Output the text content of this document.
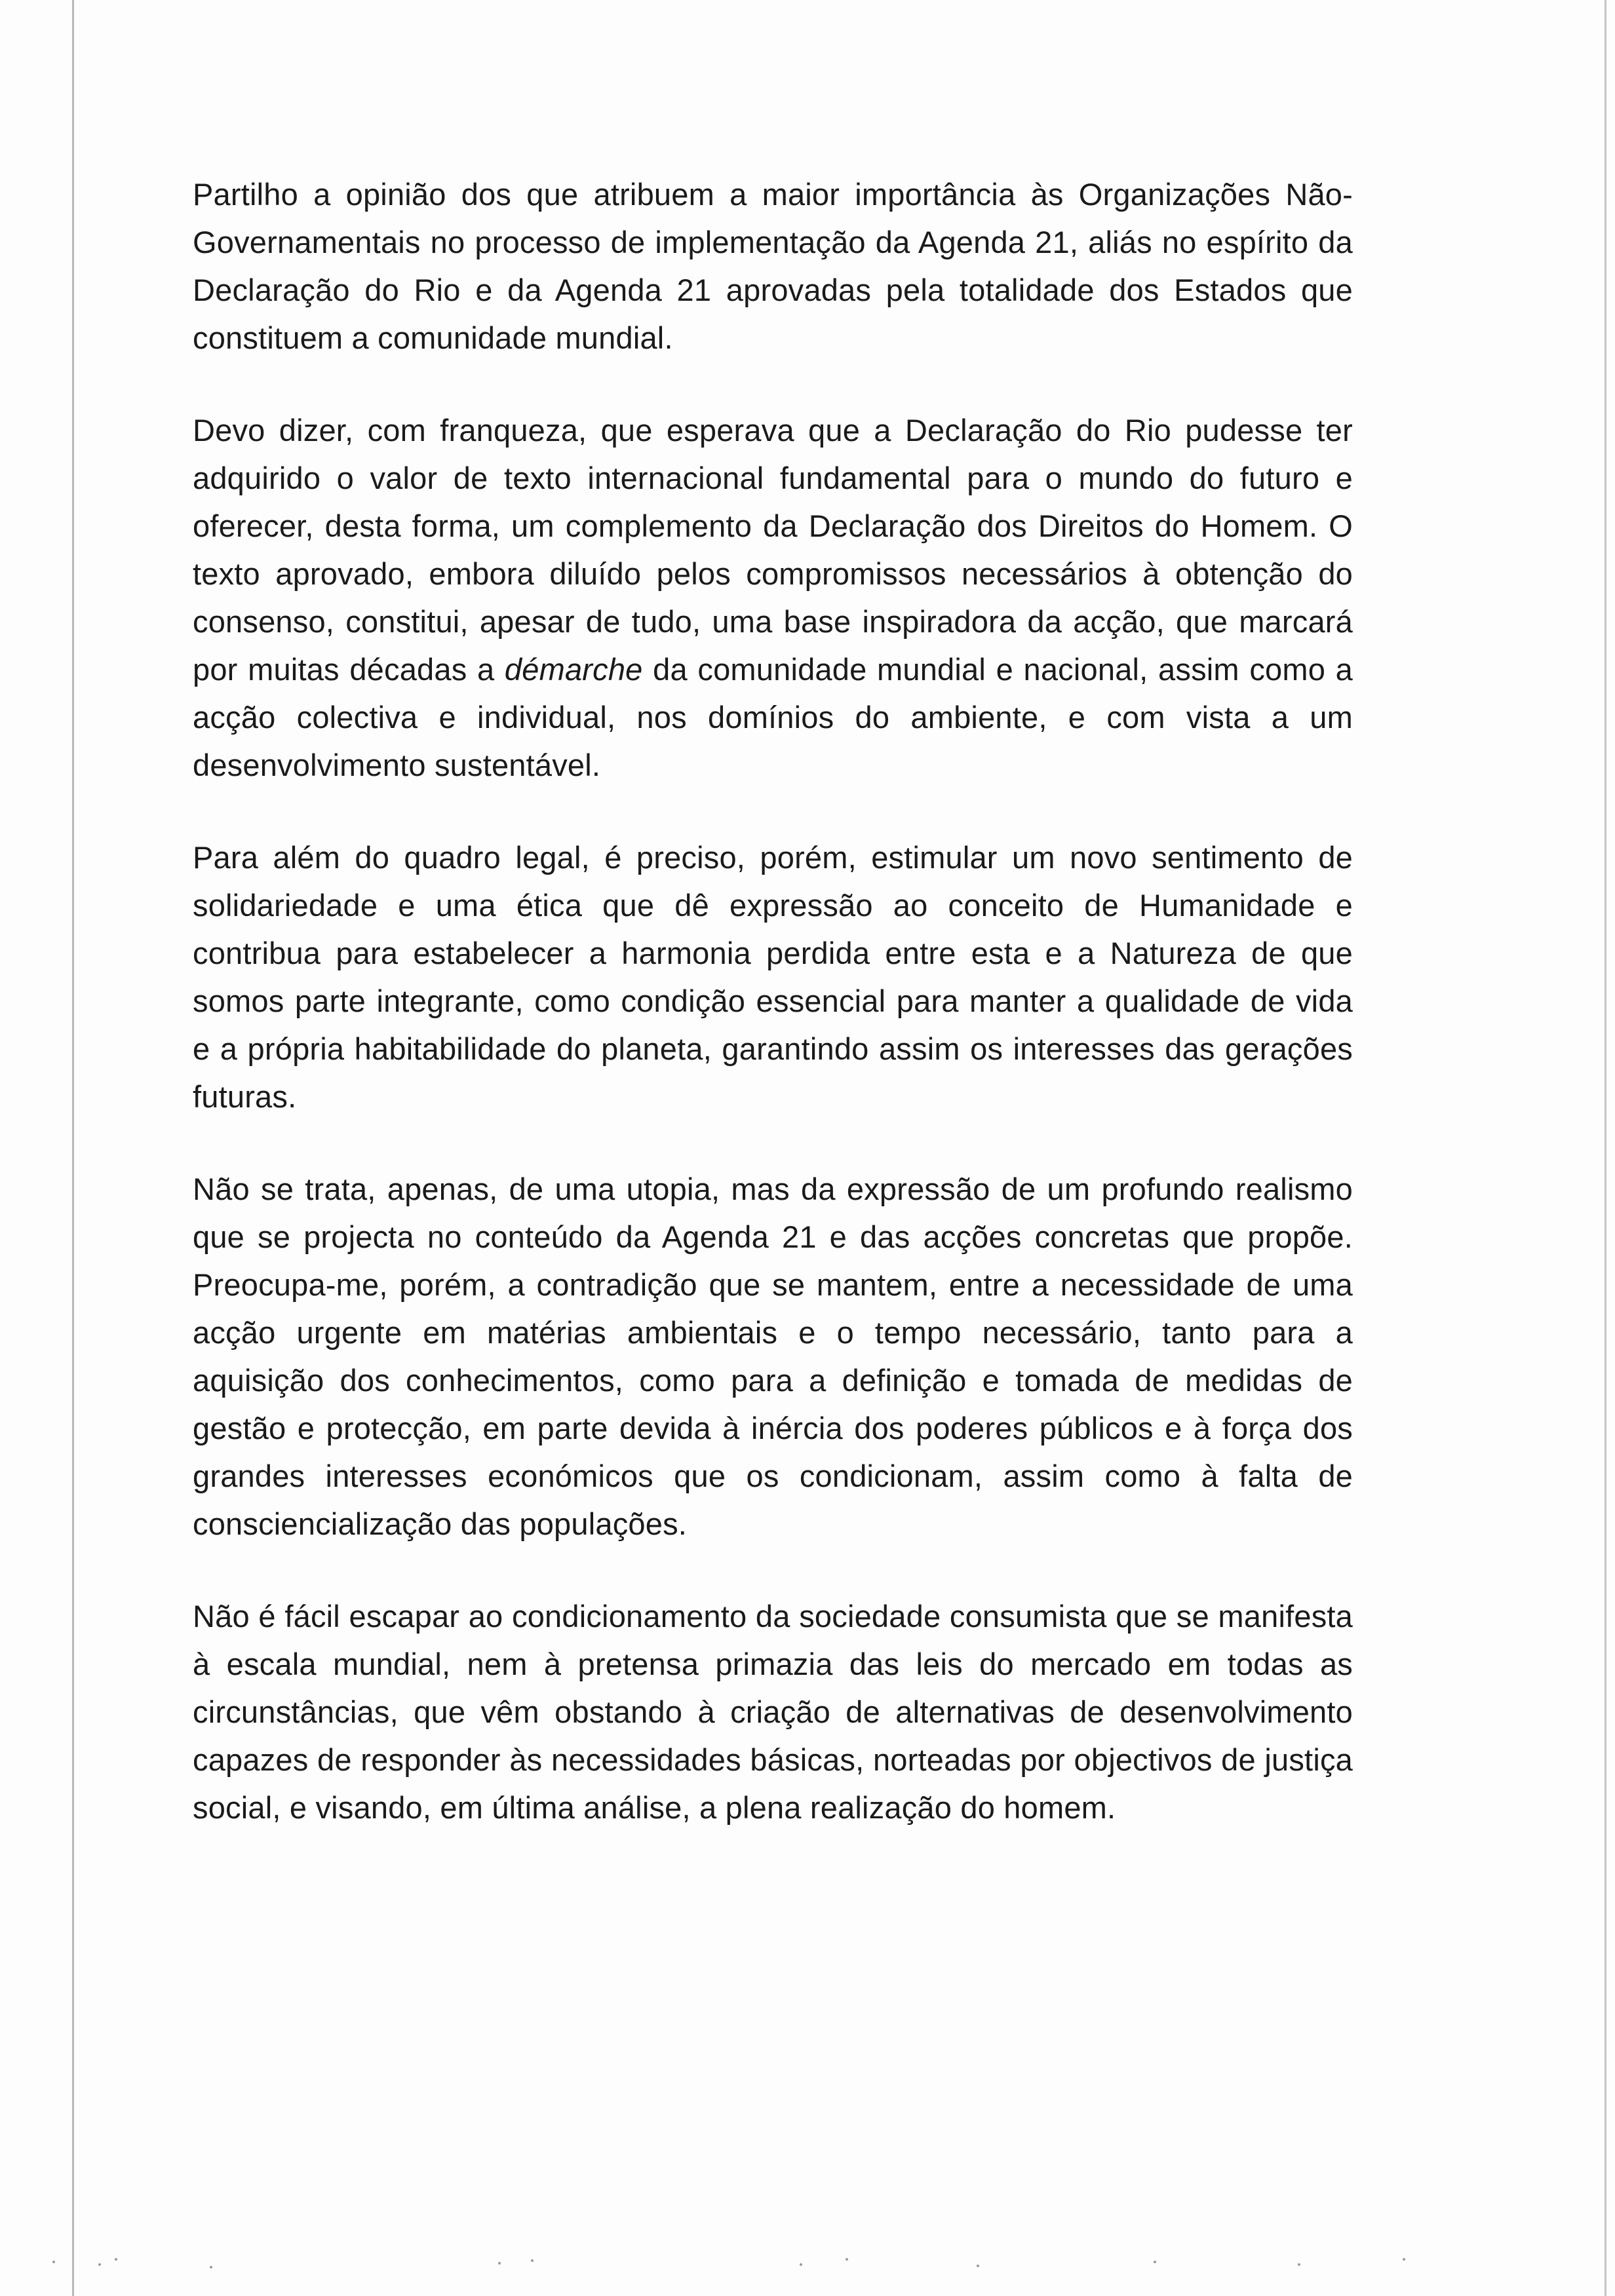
Partilho a opinião dos que atribuem a maior importância às Organizações Não-Governamentais no processo de implementação da Agenda 21, aliás no espírito da Declaração do Rio e da Agenda 21 aprovadas pela totalidade dos Estados que constituem a comunidade mundial.

Devo dizer, com franqueza, que esperava que a Declaração do Rio pudesse ter adquirido o valor de texto internacional fundamental para o mundo do futuro e oferecer, desta forma, um complemento da Declaração dos Direitos do Homem. O texto aprovado, embora diluído pelos compromissos necessários à obtenção do consenso, constitui, apesar de tudo, uma base inspiradora da acção, que marcará por muitas décadas a démarche da comunidade mundial e nacional, assim como a acção colectiva e individual, nos domínios do ambiente, e com vista a um desenvolvimento sustentável.

Para além do quadro legal, é preciso, porém, estimular um novo sentimento de solidariedade e uma ética que dê expressão ao conceito de Humanidade e contribua para estabelecer a harmonia perdida entre esta e a Natureza de que somos parte integrante, como condição essencial para manter a qualidade de vida e a própria habitabilidade do planeta, garantindo assim os interesses das gerações futuras.

Não se trata, apenas, de uma utopia, mas da expressão de um profundo realismo que se projecta no conteúdo da Agenda 21 e das acções concretas que propõe. Preocupa-me, porém, a contradição que se mantem, entre a necessidade de uma acção urgente em matérias ambientais e o tempo necessário, tanto para a aquisição dos conhecimentos, como para a definição e tomada de medidas de gestão e protecção, em parte devida à inércia dos poderes públicos e à força dos grandes interesses económicos que os condicionam, assim como à falta de consciencialização das populações.

Não é fácil escapar ao condicionamento da sociedade consumista que se manifesta à escala mundial, nem à pretensa primazia das leis do mercado em todas as circunstâncias, que vêm obstando à criação de alternativas de desenvolvimento capazes de responder às necessidades básicas, norteadas por objectivos de justiça social, e visando, em última análise, a plena realização do homem.
